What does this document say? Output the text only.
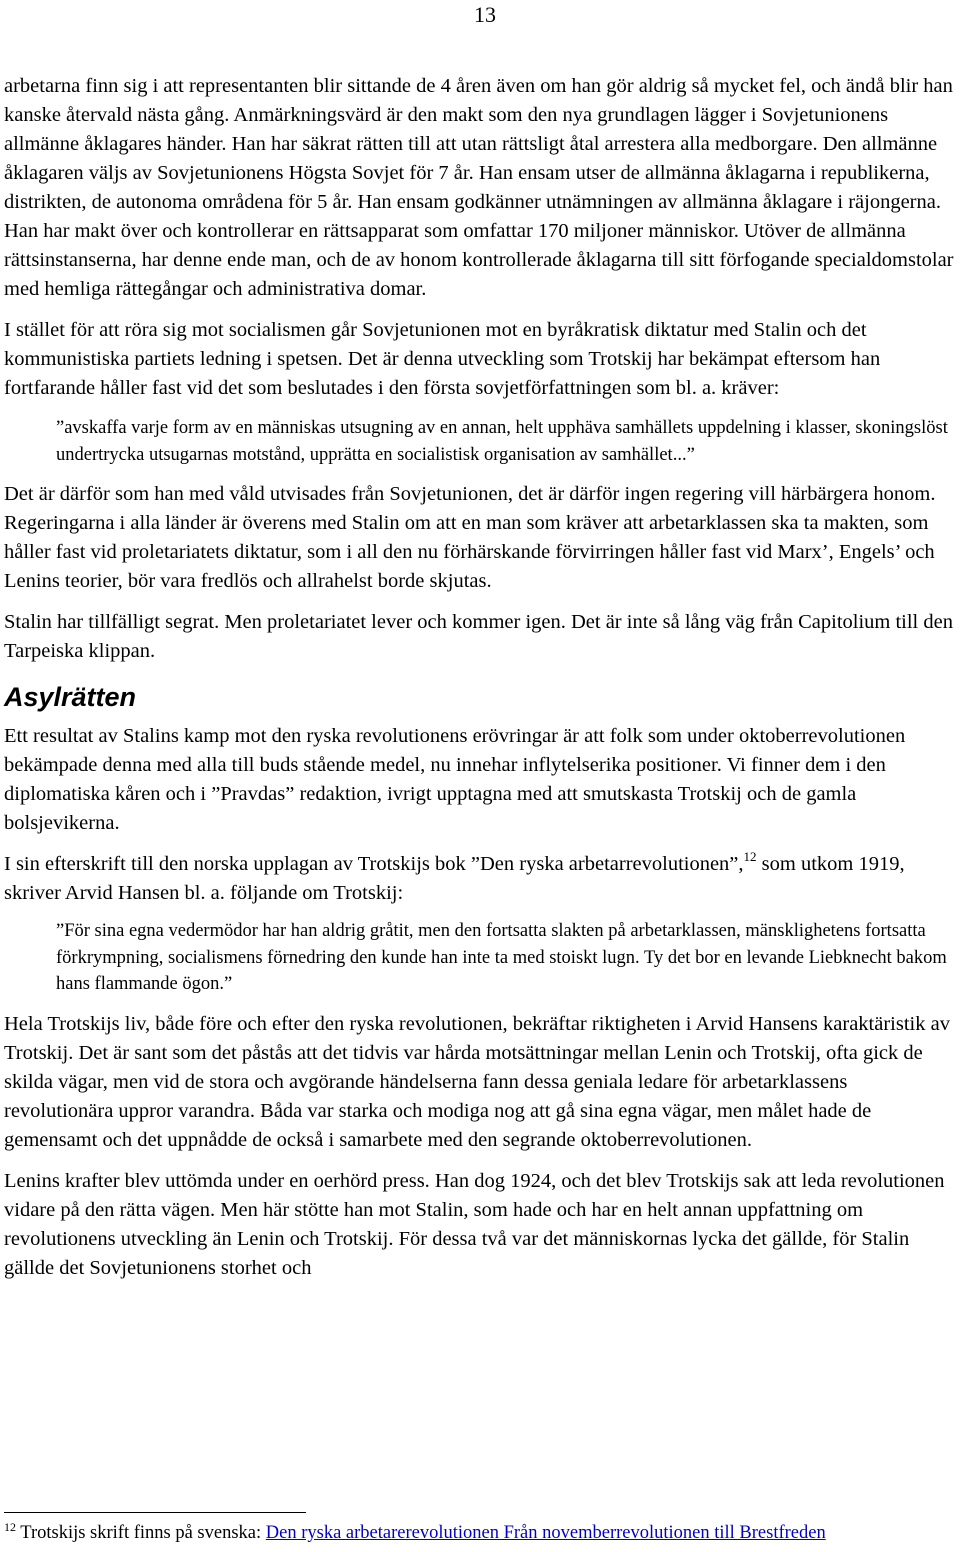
13

arbetarna finn sig i att representanten blir sittande de 4 åren även om han gör aldrig så mycket fel, och ändå blir han kanske återvald nästa gång. Anmärkningsvärd är den makt som den nya grundlagen lägger i Sovjetunionens allmänne åklagares händer. Han har säkrat rätten till att utan rättsligt åtal arrestera alla medborgare. Den allmänne åklagaren väljs av Sovjetunionens Högsta Sovjet för 7 år. Han ensam utser de allmänna åklagarna i republikerna, distrikten, de autonoma områdena för 5 år. Han ensam godkänner utnämningen av allmänna åklagare i räjongerna. Han har makt över och kontrollerar en rättsapparat som omfattar 170 miljoner människor. Utöver de allmänna rättsinstanserna, har denne ende man, och de av honom kontrollerade åklagarna till sitt förfogande specialdomstolar med hemliga rättegångar och administrativa domar.

I stället för att röra sig mot socialismen går Sovjetunionen mot en byråkratisk diktatur med Stalin och det kommunistiska partiets ledning i spetsen. Det är denna utveckling som Trotskij har bekämpat eftersom han fortfarande håller fast vid det som beslutades i den första sovjetförfattningen som bl. a. kräver:

”avskaffa varje form av en människas utsugning av en annan, helt upphäva samhällets uppdelning i klasser, skoningslöst undertrycka utsugarnas motstånd, upprätta en socialistisk organisation av samhället...”

Det är därför som han med våld utvisades från Sovjetunionen, det är därför ingen regering vill härbärgera honom. Regeringarna i alla länder är överens med Stalin om att en man som kräver att arbetarklassen ska ta makten, som håller fast vid proletariatets diktatur, som i all den nu förhärskande förvirringen håller fast vid Marx’, Engels’ och Lenins teorier, bör vara fredlös och allrahelst borde skjutas.

Stalin har tillfälligt segrat. Men proletariatet lever och kommer igen. Det är inte så lång väg från Capitolium till den Tarpeiska klippan.

Asylrätten

Ett resultat av Stalins kamp mot den ryska revolutionens erövringar är att folk som under oktoberrevolutionen bekämpade denna med alla till buds stående medel, nu innehar inflytelserika positioner. Vi finner dem i den diplomatiska kåren och i ”Pravdas” redaktion, ivrigt upptagna med att smutskasta Trotskij och de gamla bolsjevikerna.

I sin efterskrift till den norska upplagan av Trotskijs bok ”Den ryska arbetarrevolutionen”,$^{12}$ som utkom 1919, skriver Arvid Hansen bl. a. följande om Trotskij:

”För sina egna vedermödor har han aldrig gråtit, men den fortsatta slakten på arbetarklassen, mänsklighetens fortsatta förkrympning, socialismens förnedring den kunde han inte ta med stoiskt lugn. Ty det bor en levande Liebknecht bakom hans flammande ögon.”

Hela Trotskijs liv, både före och efter den ryska revolutionen, bekräftar riktigheten i Arvid Hansens karaktäristik av Trotskij. Det är sant som det påstås att det tidvis var hårda motsättningar mellan Lenin och Trotskij, ofta gick de skilda vägar, men vid de stora och avgörande händelserna fann dessa geniala ledare för arbetarklassens revolutionära uppror varandra. Båda var starka och modiga nog att gå sina egna vägar, men målet hade de gemensamt och det uppnådde de också i samarbete med den segrande oktoberrevolutionen.

Lenins krafter blev uttömda under en oerhörd press. Han dog 1924, och det blev Trotskijs sak att leda revolutionen vidare på den rätta vägen. Men här stötte han mot Stalin, som hade och har en helt annan uppfattning om revolutionens utveckling än Lenin och Trotskij. För dessa två var det människornas lycka det gällde, för Stalin gällde det Sovjetunionens storhet och

$^{12}$ Trotskijs skrift finns på svenska: Den ryska arbetarerevolutionen Från novemberrevolutionen till Brestfreden
